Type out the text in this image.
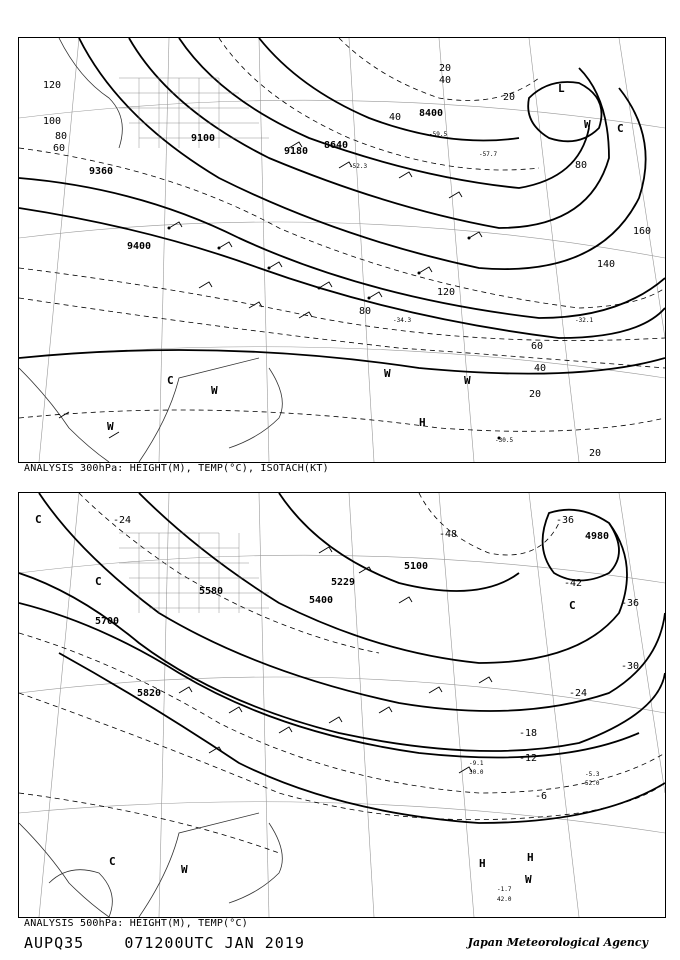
9360
9180
9400
8640
8400
9100
120
100
80
60
40
20
160
140
120
80
60
40
20
20
20
40
80
L
C
W
W
W
H
C
W
W
-30.5
-34.3	-32.1
-59.5
-57.7
-52.3
ANALYSIS 300hPa: HEIGHT(M), TEMP(°C), ISOTACH(KT)
5700
5820
5400
5229
4980
5100
5580
-24
-42
-36
-30
-24
-18
-12
-6
-48
-36
C
C
C
W	H	H
W
C
-1.7
42.0
-5.3
52.0
-9.1
30.0
ANALYSIS 500hPa: HEIGHT(M), TEMP(°C)
AUPQ35	071200UTC JAN 2019	Japan Meteorological Agency
